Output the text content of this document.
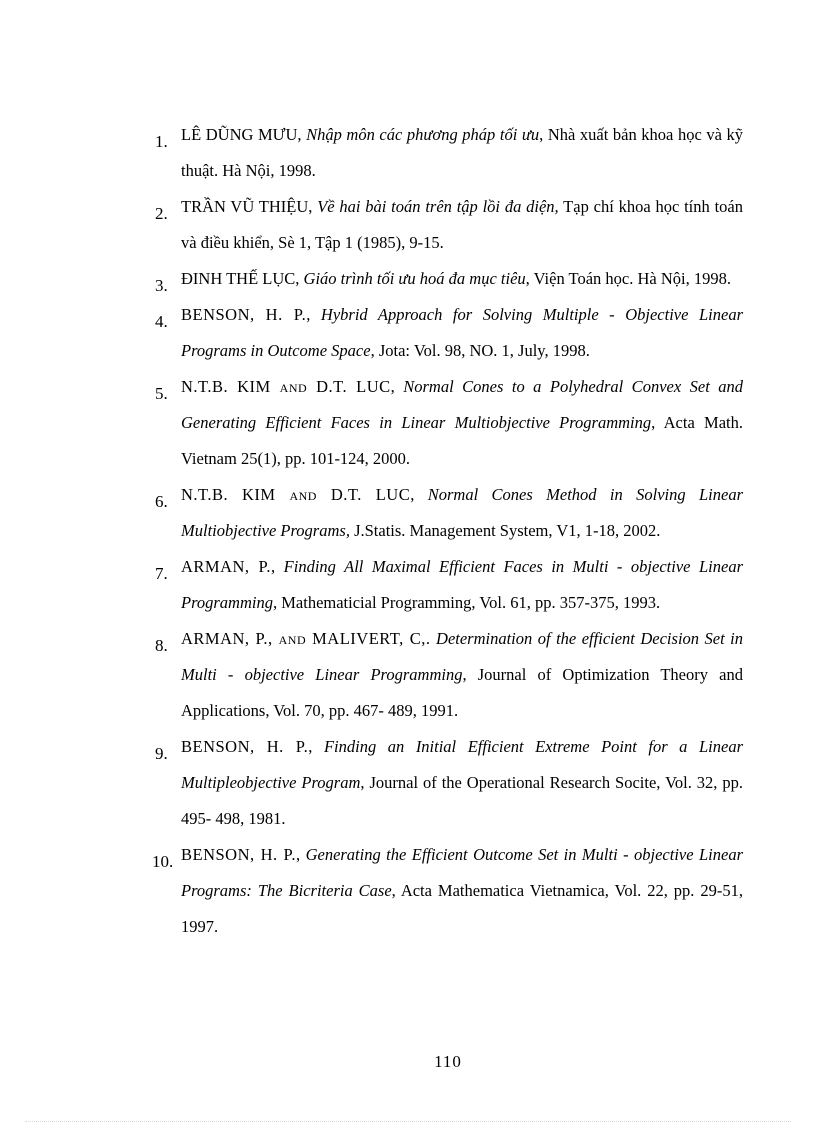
1. LÊ DŨNG MƯU, Nhập môn các phương pháp tối ưu, Nhà xuất bản khoa học và kỹ thuật. Hà Nội, 1998.
2. TRẦN VŨ THIỆU, Về hai bài toán trên tập lồi đa diện, Tạp chí khoa học tính toán và điều khiển, Sè 1, Tập 1 (1985), 9-15.
3. ĐINH THẾ LỤC, Giáo trình tối ưu hoá đa mục tiêu, Viện Toán học. Hà Nội, 1998.
4. BENSON, H. P., Hybrid Approach for Solving Multiple - Objective Linear Programs in Outcome Space, Jota: Vol. 98, NO. 1, July, 1998.
5. N.T.B. KIM and D.T. LUC, Normal Cones to a Polyhedral Convex Set and Generating Efficient Faces in Linear Multiobjective Programming, Acta Math. Vietnam 25(1), pp. 101-124, 2000.
6. N.T.B. KIM and D.T. LUC, Normal Cones Method in Solving Linear Multiobjective Programs, J.Statis. Management System, V1, 1-18, 2002.
7. ARMAN, P., Finding All Maximal Efficient Faces in Multi - objective Linear Programming, Mathematicial Programming, Vol. 61, pp. 357-375, 1993.
8. ARMAN, P., and MALIVERT, C,. Determination of the efficient Decision Set in Multi - objective Linear Programming, Journal of Optimization Theory and Applications, Vol. 70, pp. 467- 489, 1991.
9. BENSON, H. P., Finding an Initial Efficient Extreme Point for a Linear Multipleobjective Program, Journal of the Operational Research Socite, Vol. 32, pp. 495- 498, 1981.
10. BENSON, H. P., Generating the Efficient Outcome Set in Multi - objective Linear Programs: The Bicriteria Case, Acta Mathematica Vietnamica, Vol. 22, pp. 29-51, 1997.
110
